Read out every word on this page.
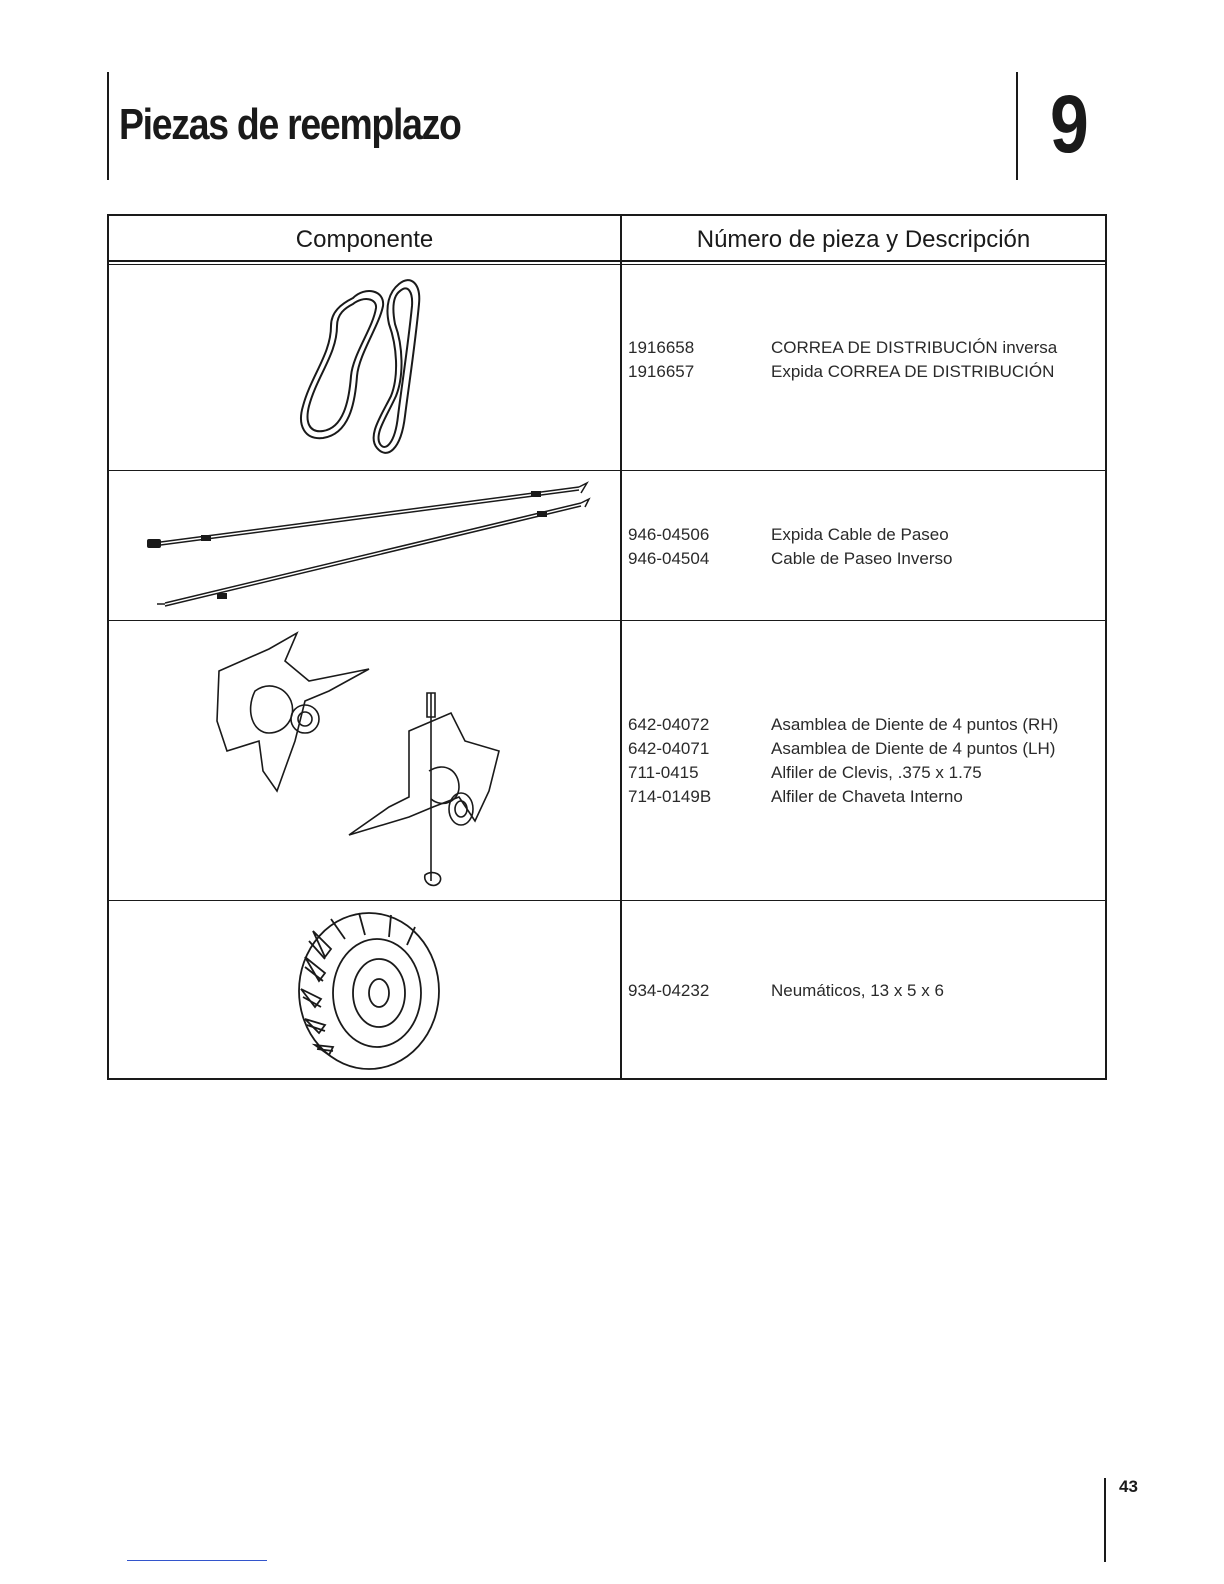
Piezas de reemplazo	9
Componente	Número de pieza y Descripción
1916658	CORREA DE DISTRIBUCIÓN inversa
1916657	Expida CORREA DE DISTRIBUCIÓN
946-04506	Expida Cable de Paseo
946-04504	Cable de Paseo Inverso
642-04072	Asamblea de Diente de 4 puntos (RH)
642-04071	Asamblea de Diente de 4 puntos (LH)
711-0415	Alfiler de Clevis, .375 x 1.75
714-0149B	Alfiler de Chaveta Interno
934-04232	Neumáticos, 13 x 5 x 6
43
